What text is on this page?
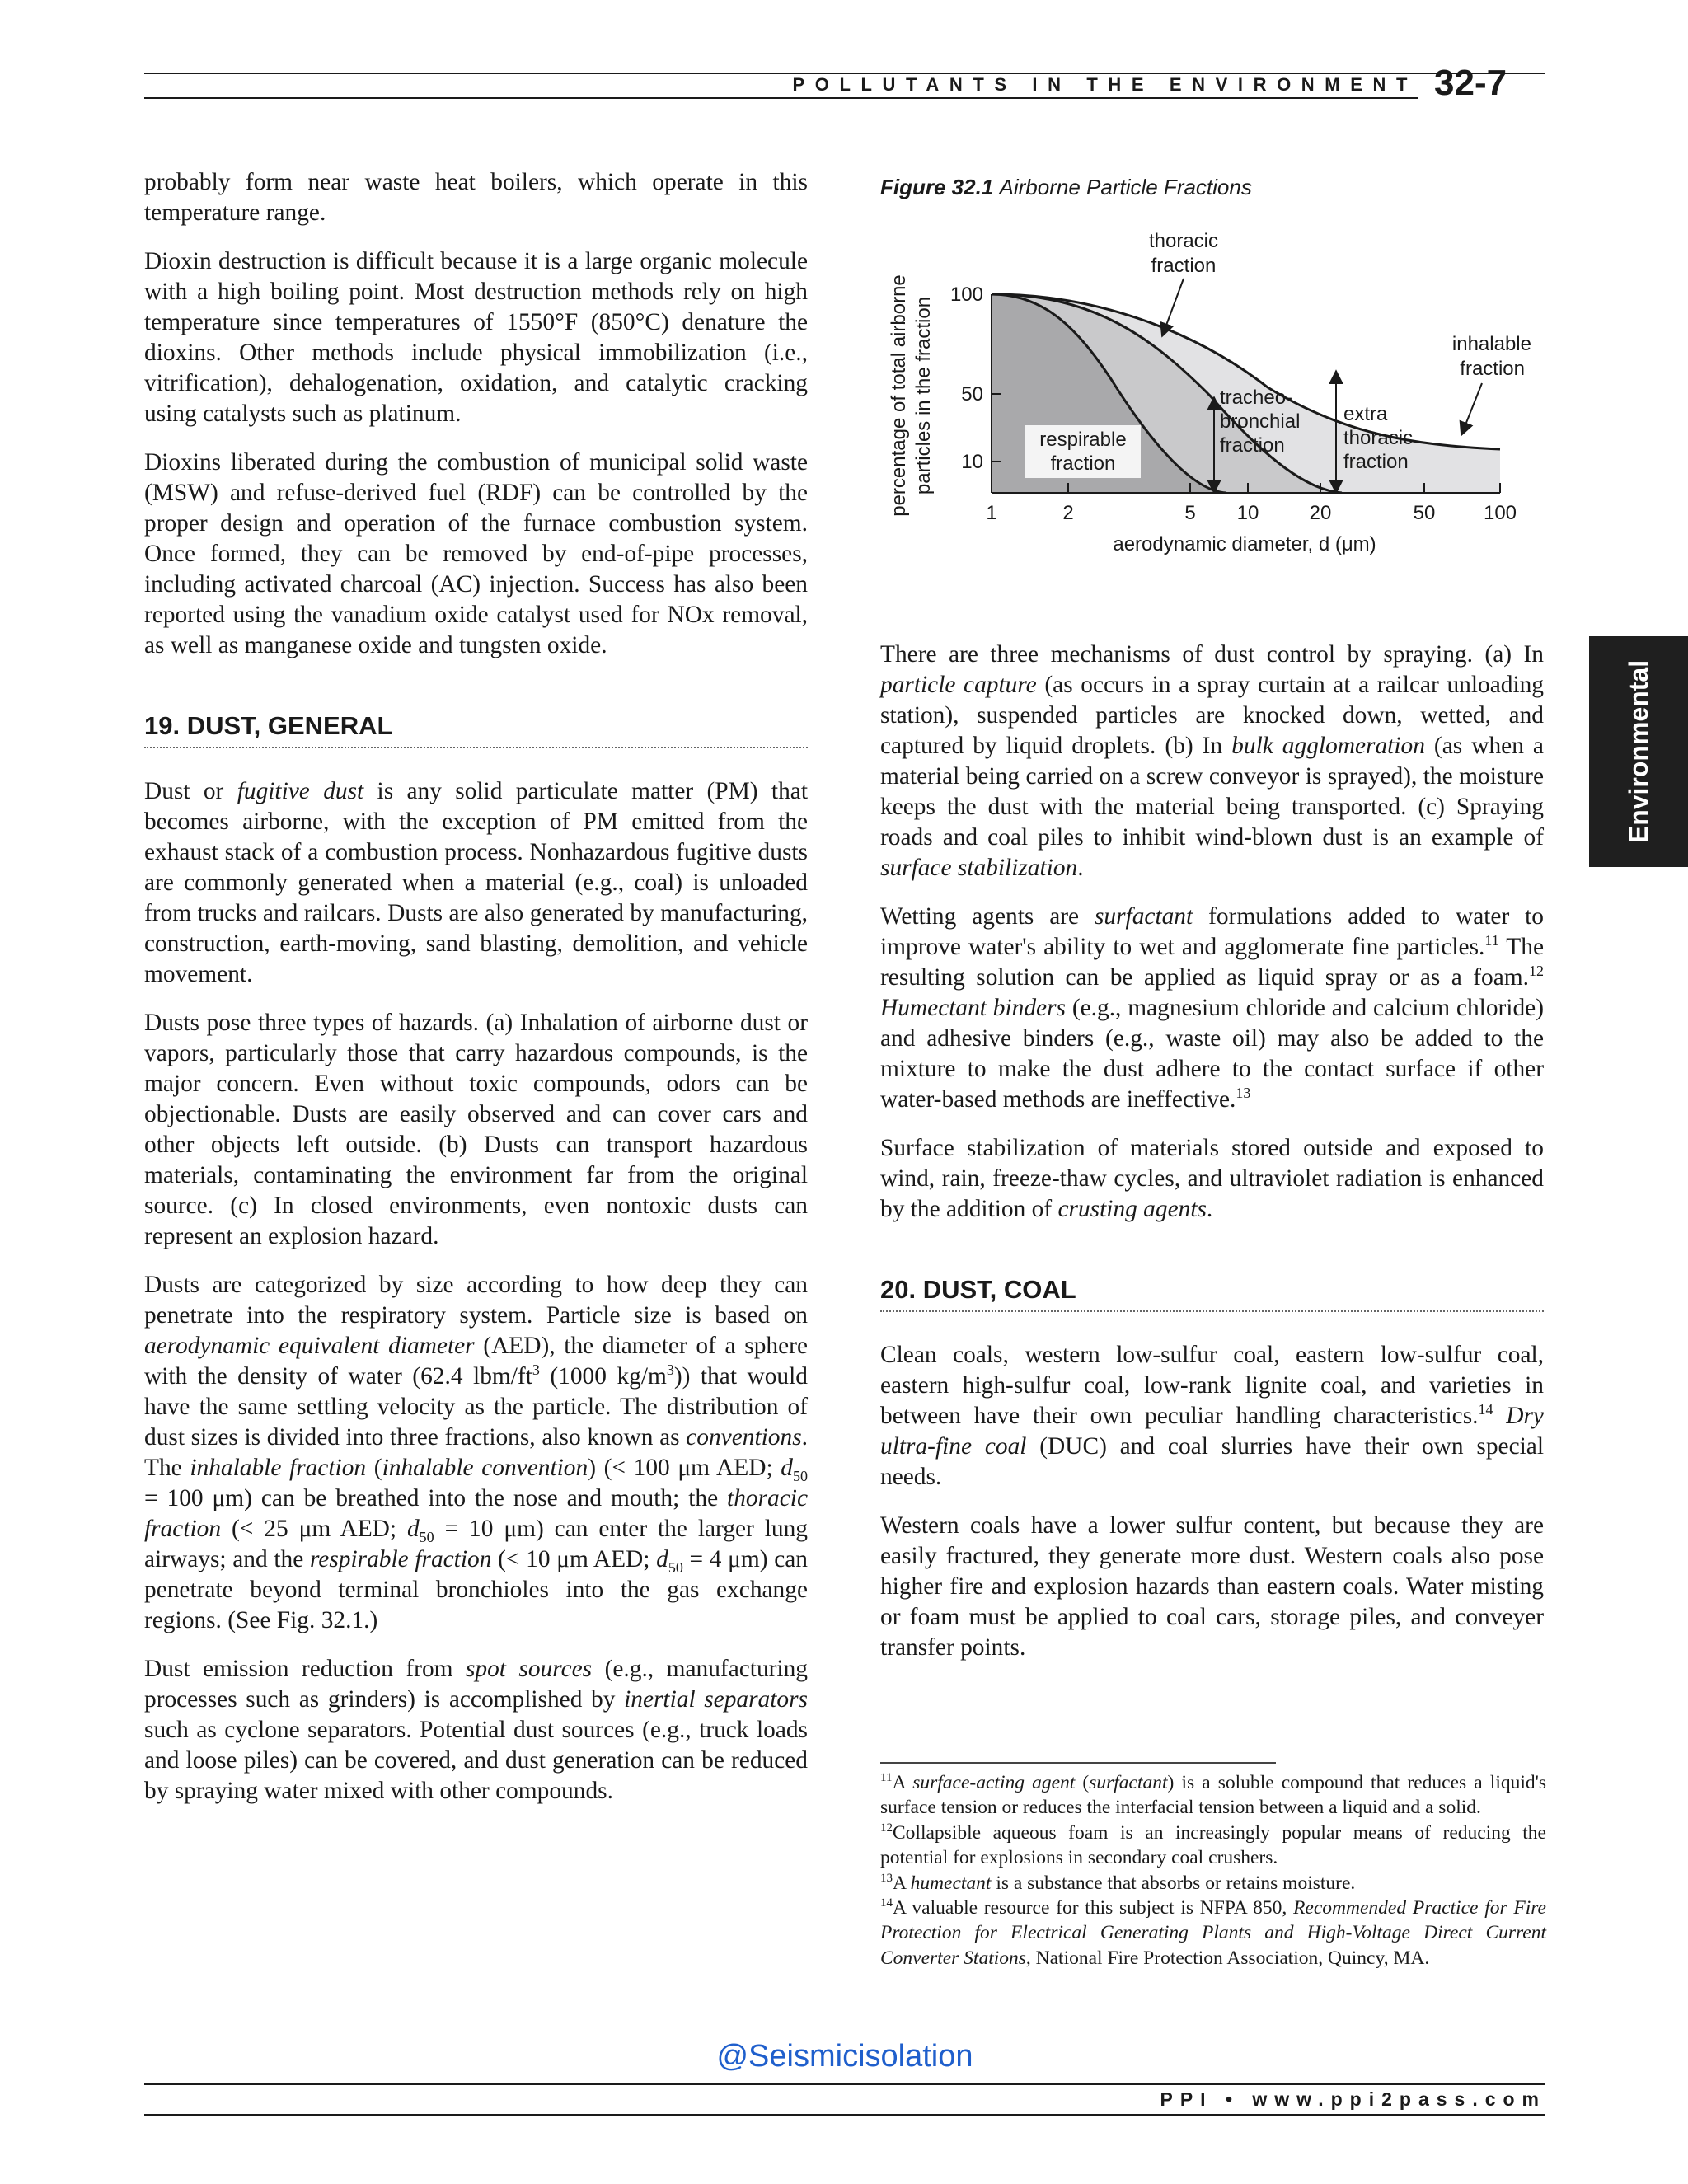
POLLUTANTS IN THE ENVIRONMENT 32-7
Environmental

probably form near waste heat boilers, which operate in this temperature range.

Dioxin destruction is difficult because it is a large organic molecule with a high boiling point. Most destruction methods rely on high temperature since temperatures of 1550°F (850°C) denature the dioxins. Other methods include physical immobilization (i.e., vitrification), dehalogenation, oxidation, and catalytic cracking using catalysts such as platinum.

Dioxins liberated during the combustion of municipal solid waste (MSW) and refuse-derived fuel (RDF) can be controlled by the proper design and operation of the furnace combustion system. Once formed, they can be removed by end-of-pipe processes, including activated charcoal (AC) injection. Success has also been reported using the vanadium oxide catalyst used for NOx removal, as well as manganese oxide and tungsten oxide.

19. DUST, GENERAL

Dust or fugitive dust is any solid particulate matter (PM) that becomes airborne, with the exception of PM emitted from the exhaust stack of a combustion process. Nonhazardous fugitive dusts are commonly generated when a material (e.g., coal) is unloaded from trucks and railcars. Dusts are also generated by manufacturing, construction, earth-moving, sand blasting, demolition, and vehicle movement.

Dusts pose three types of hazards. (a) Inhalation of airborne dust or vapors, particularly those that carry hazardous compounds, is the major concern. Even without toxic compounds, odors can be objectionable. Dusts are easily observed and can cover cars and other objects left outside. (b) Dusts can transport hazardous materials, contaminating the environment far from the original source. (c) In closed environments, even nontoxic dusts can represent an explosion hazard.

Dusts are categorized by size according to how deep they can penetrate into the respiratory system. Particle size is based on aerodynamic equivalent diameter (AED), the diameter of a sphere with the density of water (62.4 lbm/$ft^3$ (1000 $kg/m^3$)) that would have the same settling velocity as the particle. The distribution of dust sizes is divided into three fractions, also known as conventions. The inhalable fraction (inhalable convention) (< 100 μm AED; $d_{50} = 100$ μm) can be breathed into the nose and mouth; the thoracic fraction (< 25 μm AED; $d_{50} = 10$ μm) can enter the larger lung airways; and the respirable fraction (< 10 μm AED; $d_{50} = 4$ μm) can penetrate beyond terminal bronchioles into the gas exchange regions. (See Fig. 32.1.)

Dust emission reduction from spot sources (e.g., manufacturing processes such as grinders) is accomplished by inertial separators such as cyclone separators. Potential dust sources (e.g., truck loads and loose piles) can be covered, and dust generation can be reduced by spraying water mixed with other compounds.

Figure 32.1 Airborne Particle Fractions
100
50
10
1	2	5 10	20	50 100
aerodynamic diameter, d (μm)
percentage of total airborne particles in the fraction
thoracic
fraction
inhalable
fraction
respirable
fraction
tracheo-
bronchial
fraction
extra
thoracic
fraction

There are three mechanisms of dust control by spraying. (a) In particle capture (as occurs in a spray curtain at a railcar unloading station), suspended particles are knocked down, wetted, and captured by liquid droplets. (b) In bulk agglomeration (as when a material being carried on a screw conveyor is sprayed), the moisture keeps the dust with the material being transported. (c) Spraying roads and coal piles to inhibit wind-blown dust is an example of surface stabilization.

Wetting agents are surfactant formulations added to water to improve water's ability to wet and agglomerate fine particles.$^{11}$ The resulting solution can be applied as liquid spray or as a foam.$^{12}$ Humectant binders (e.g., magnesium chloride and calcium chloride) and adhesive binders (e.g., waste oil) may also be added to the mixture to make the dust adhere to the contact surface if other water-based methods are ineffective.$^{13}$

Surface stabilization of materials stored outside and exposed to wind, rain, freeze-thaw cycles, and ultraviolet radiation is enhanced by the addition of crusting agents.

20. DUST, COAL

Clean coals, western low-sulfur coal, eastern low-sulfur coal, eastern high-sulfur coal, low-rank lignite coal, and varieties in between have their own peculiar handling characteristics.$^{14}$ Dry ultra-fine coal (DUC) and coal slurries have their own special needs.

Western coals have a lower sulfur content, but because they are easily fractured, they generate more dust. Western coals also pose higher fire and explosion hazards than eastern coals. Water misting or foam must be applied to coal cars, storage piles, and conveyer transfer points.

$^{11}$A surface-acting agent (surfactant) is a soluble compound that reduces a liquid's surface tension or reduces the interfacial tension between a liquid and a solid.

$^{12}$Collapsible aqueous foam is an increasingly popular means of reducing the potential for explosions in secondary coal crushers.

$^{13}$A humectant is a substance that absorbs or retains moisture.

$^{14}$A valuable resource for this subject is NFPA 850, Recommended Practice for Fire Protection for Electrical Generating Plants and High-Voltage Direct Current Converter Stations, National Fire Protection Association, Quincy, MA.

@Seismicisolation
PPI • www.ppi2pass.com
